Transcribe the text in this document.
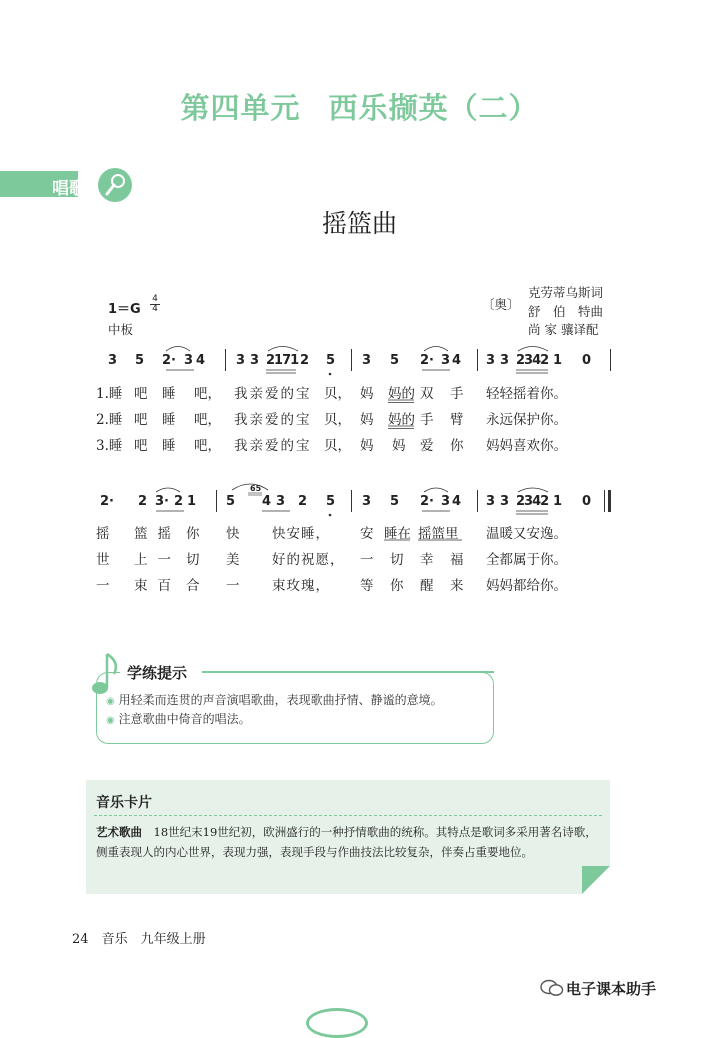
第四单元 西乐撷英（二）
唱歌
摇篮曲
$1=G \frac{4}{4}$
中板
〔奥〕
克劳蒂乌斯词
舒　伯　特曲
尚 家 骧译配
3 5 2· 3 4 3 3 2171 2 5 3 5 2· 3 4 3 3 2342 1 0
1.睡 吧 睡 吧， 我亲爱的宝 贝， 妈 妈的 双 手 轻轻摇着你。
2.睡 吧 睡 吧， 我亲爱的宝 贝， 妈 妈的 手 臂 永远保护你。
3.睡 吧 睡 吧， 我亲爱的宝 贝， 妈 妈 爱 你 妈妈喜欢你。
2· 2 3· 2 1 5
65
4 3 2 5 3 5 2· 3 4 3 3 2342 1 0
摇 篮摇 你 快 快安睡， 安 睡在 摇篮里 温暖又安逸。
世 上一 切 美 好的祝愿， 一 切 幸 福 全都属于你。
一 束百 合 一 束玫瑰， 等 你 醒 来 妈妈都给你。
学练提示
◉ 用轻柔而连贯的声音演唱歌曲，表现歌曲抒情、静谧的意境。
◉ 注意歌曲中倚音的唱法。
音乐卡片
艺术歌曲　 18世纪末19世纪初，欧洲盛行的一种抒情歌曲的统称。其特点是歌词多采用著名诗歌，侧重表现人的内心世界，表现力强，表现手段与作曲技法比较复杂，伴奏占重要地位。
24　 音乐　 九年级上册
电子课本助手
